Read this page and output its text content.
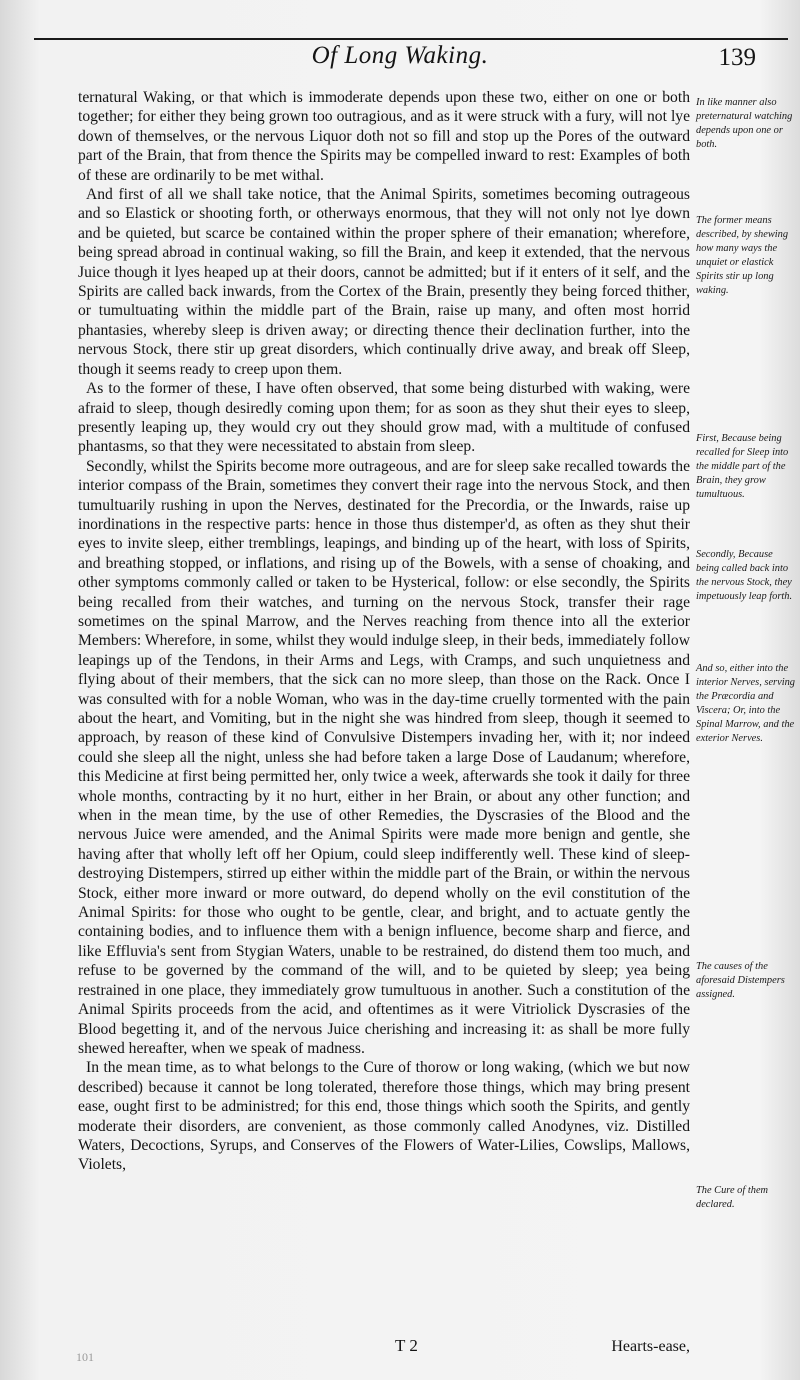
Of Long Waking.	139

ternatural Waking, or that which is immoderate depends upon these two, either on one or both together; for either they being grown too outragious, and as it were struck with a fury, will not lye down of themselves, or the nervous Liquor doth not so fill and stop up the Pores of the outward part of the Brain, that from thence the Spirits may be compelled inward to rest: Examples of both of these are ordinarily to be met withal.

And first of all we shall take notice, that the Animal Spirits, sometimes becoming outrageous and so Elastick or shooting forth, or otherways enormous, that they will not only not lye down and be quieted, but scarce be contained within the proper sphere of their emanation; wherefore, being spread abroad in continual waking, so fill the Brain, and keep it extended, that the nervous Juice though it lyes heaped up at their doors, cannot be admitted; but if it enters of it self, and the Spirits are called back inwards, from the Cortex of the Brain, presently they being forced thither, or tumultuating within the middle part of the Brain, raise up many, and often most horrid phantasies, whereby sleep is driven away; or directing thence their declination further, into the nervous Stock, there stir up great disorders, which continually drive away, and break off Sleep, though it seems ready to creep upon them.

As to the former of these, I have often observed, that some being disturbed with waking, were afraid to sleep, though desiredly coming upon them; for as soon as they shut their eyes to sleep, presently leaping up, they would cry out they should grow mad, with a multitude of confused phantasms, so that they were necessitated to abstain from sleep.

Secondly, whilst the Spirits become more outrageous, and are for sleep sake recalled towards the interior compass of the Brain, sometimes they convert their rage into the nervous Stock, and then tumultuarily rushing in upon the Nerves, destinated for the Precordia, or the Inwards, raise up inordinations in the respective parts: hence in those thus distemper'd, as often as they shut their eyes to invite sleep, either tremblings, leapings, and binding up of the heart, with loss of Spirits, and breathing stopped, or inflations, and rising up of the Bowels, with a sense of choaking, and other symptoms commonly called or taken to be Hysterical, follow: or else secondly, the Spirits being recalled from their watches, and turning on the nervous Stock, transfer their rage sometimes on the spinal Marrow, and the Nerves reaching from thence into all the exterior Members: Wherefore, in some, whilst they would indulge sleep, in their beds, immediately follow leapings up of the Tendons, in their Arms and Legs, with Cramps, and such unquietness and flying about of their members, that the sick can no more sleep, than those on the Rack. Once I was consulted with for a noble Woman, who was in the day-time cruelly tormented with the pain about the heart, and Vomiting, but in the night she was hindred from sleep, though it seemed to approach, by reason of these kind of Convulsive Distempers invading her, with it; nor indeed could she sleep all the night, unless she had before taken a large Dose of Laudanum; wherefore, this Medicine at first being permitted her, only twice a week, afterwards she took it daily for three whole months, contracting by it no hurt, either in her Brain, or about any other function; and when in the mean time, by the use of other Remedies, the Dyscrasies of the Blood and the nervous Juice were amended, and the Animal Spirits were made more benign and gentle, she having after that wholly left off her Opium, could sleep indifferently well. These kind of sleep-destroying Distempers, stirred up either within the middle part of the Brain, or within the nervous Stock, either more inward or more outward, do depend wholly on the evil constitution of the Animal Spirits: for those who ought to be gentle, clear, and bright, and to actuate gently the containing bodies, and to influence them with a benign influence, become sharp and fierce, and like Effluvia's sent from Stygian Waters, unable to be restrained, do distend them too much, and refuse to be governed by the command of the will, and to be quieted by sleep; yea being restrained in one place, they immediately grow tumultuous in another. Such a constitution of the Animal Spirits proceeds from the acid, and oftentimes as it were Vitriolick Dyscrasies of the Blood begetting it, and of the nervous Juice cherishing and increasing it: as shall be more fully shewed hereafter, when we speak of madness.

In the mean time, as to what belongs to the Cure of thorow or long waking, (which we but now described) because it cannot be long tolerated, therefore those things, which may bring present ease, ought first to be administred; for this end, those things which sooth the Spirits, and gently moderate their disorders, are convenient, as those commonly called Anodynes, viz. Distilled Waters, Decoctions, Syrups, and Conserves of the Flowers of Water-Lilies, Cowslips, Mallows, Violets,

In like manner also preternatural watching depends upon one or both.
The former means described, by shewing how many ways the unquiet or elastick Spirits stir up long waking.
First, Because being recalled for Sleep into the middle part of the Brain, they grow tumultuous.
Secondly, Because being called back into the nervous Stock, they impetuously leap forth.
And so, either into the interior Nerves, serving the Præcordia and Viscera; Or, into the Spinal Marrow, and the exterior Nerves.
The causes of the aforesaid Distempers assigned.
The Cure of them declared.
101
T 2	Hearts-ease,
